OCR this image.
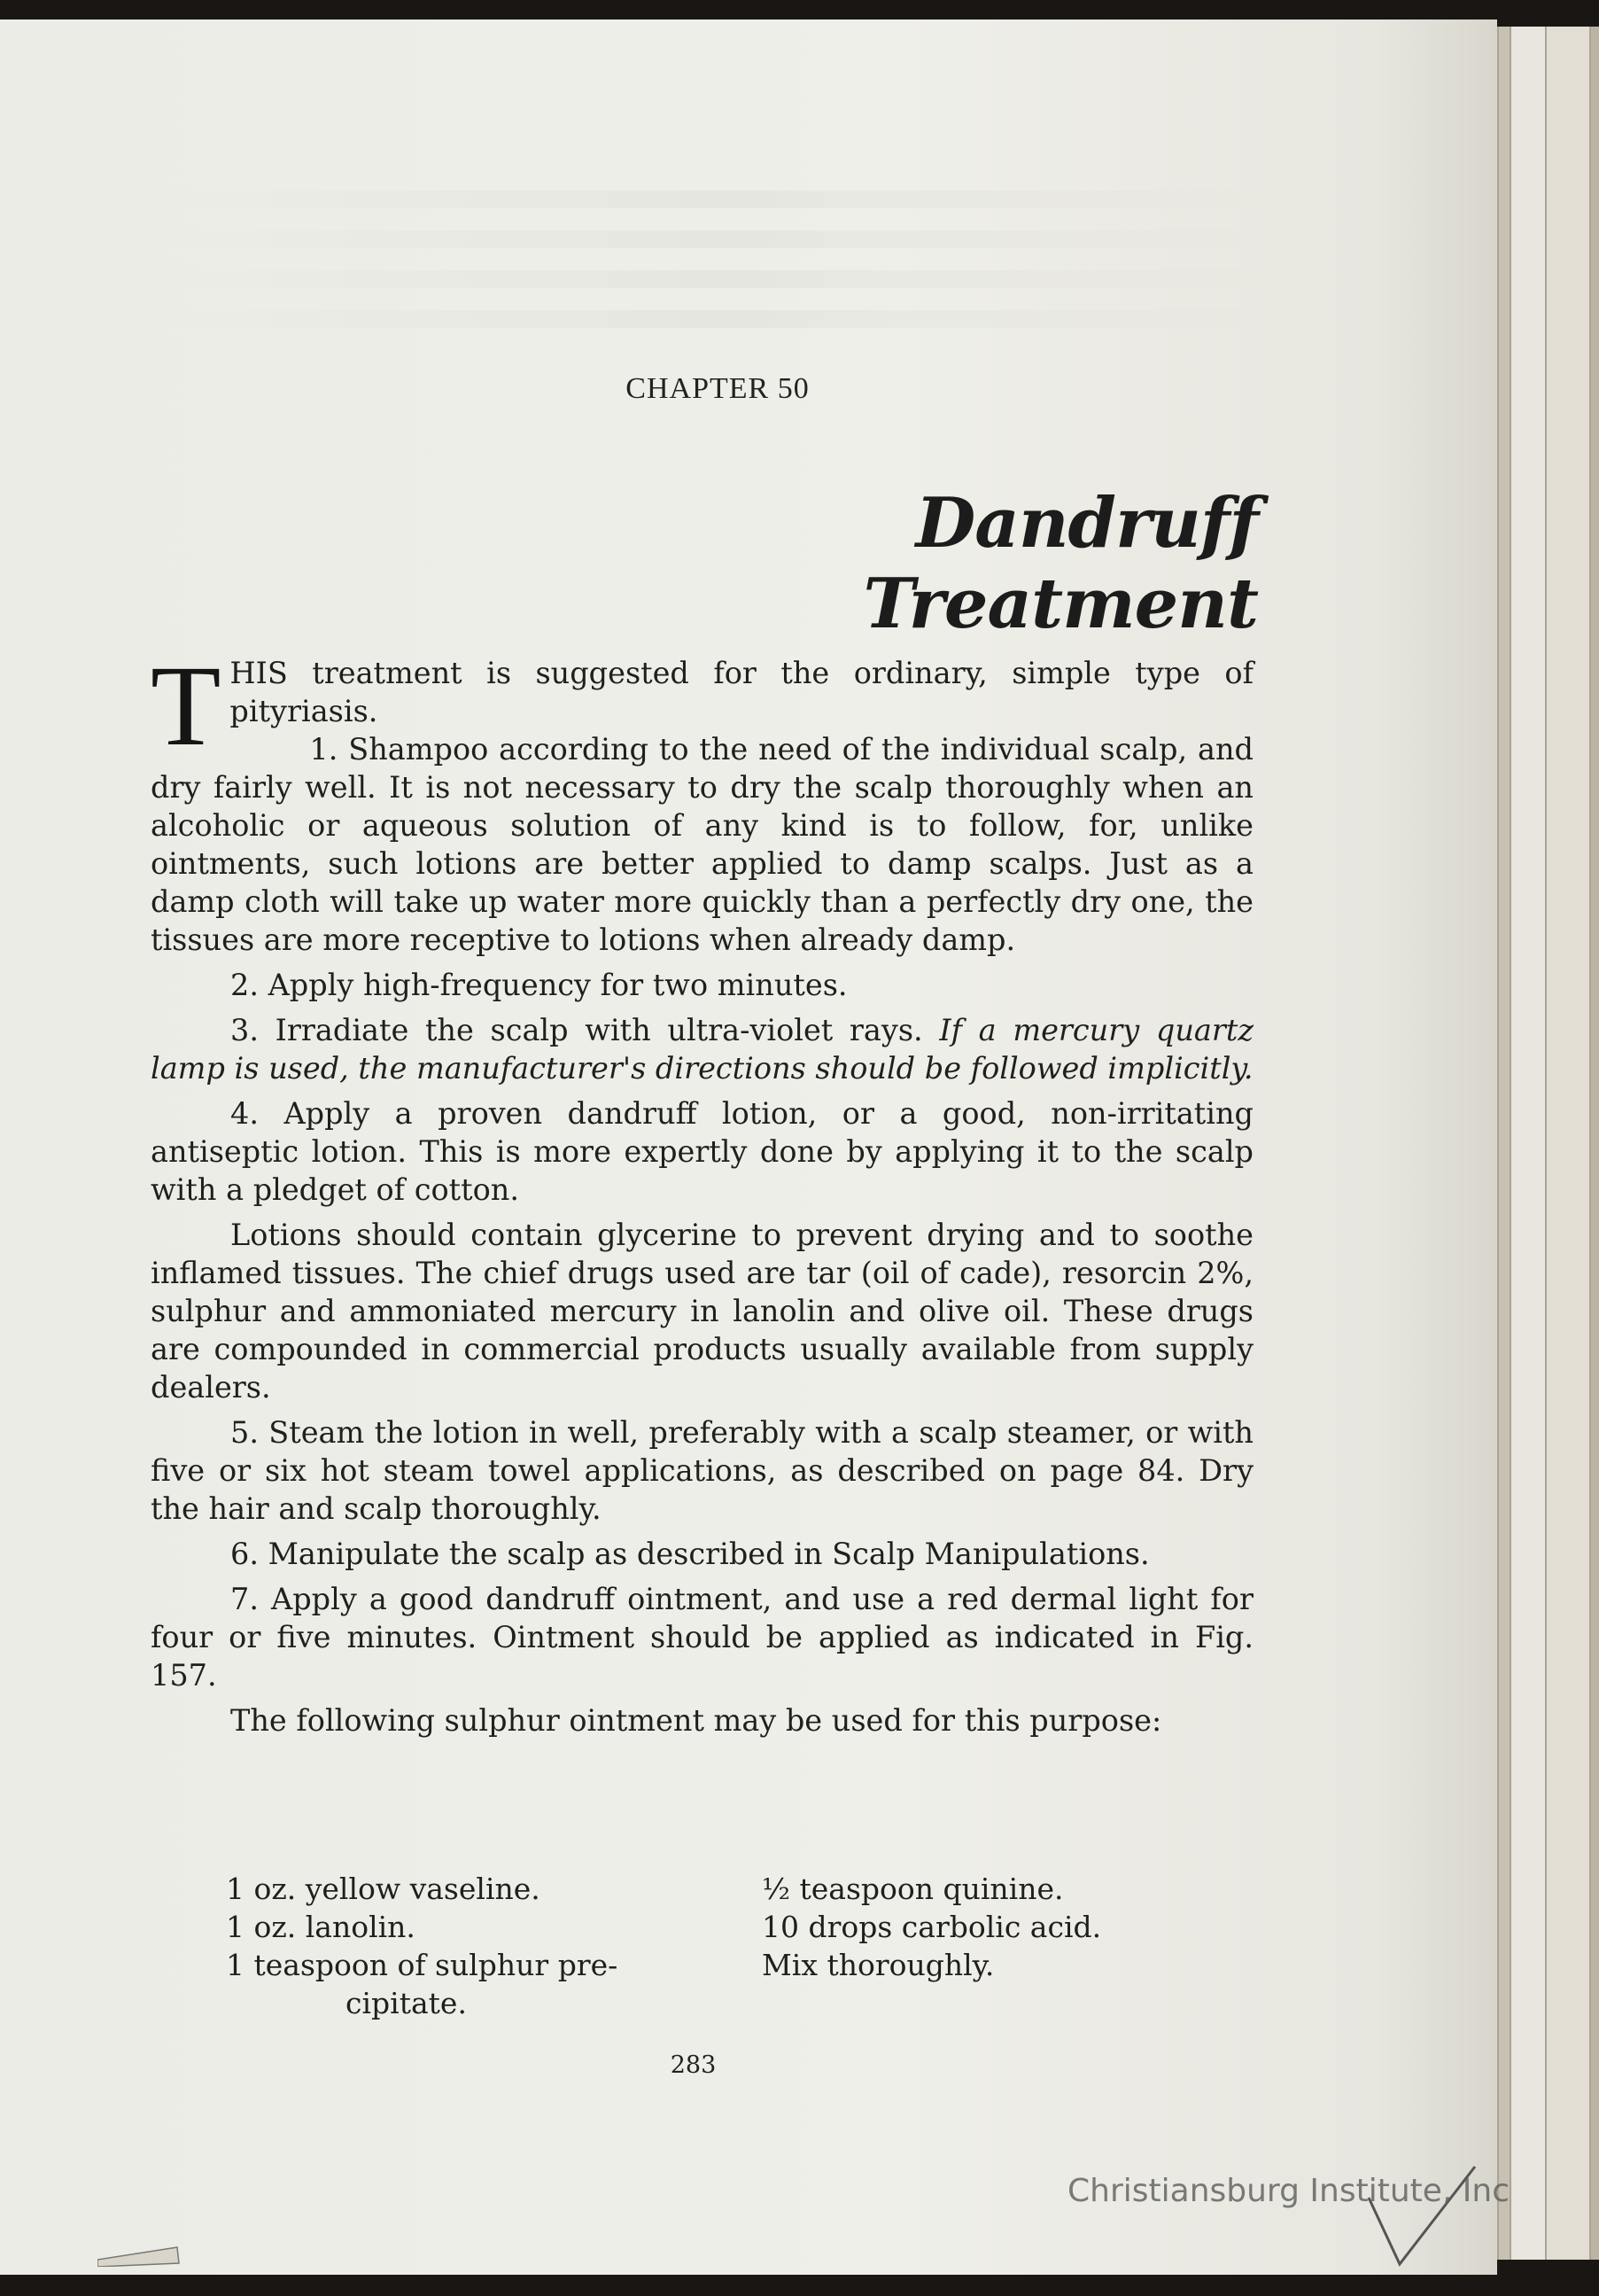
CHAPTER 50
Dandruff Treatment

THIS treatment is suggested for the ordinary, simple type of pityriasis.

1. Shampoo according to the need of the individual scalp, and dry fairly well. It is not necessary to dry the scalp thoroughly when an alcoholic or aqueous solution of any kind is to follow, for, unlike ointments, such lotions are better applied to damp scalps. Just as a damp cloth will take up water more quickly than a perfectly dry one, the tissues are more receptive to lotions when already damp.

2. Apply high-frequency for two minutes.

3. Irradiate the scalp with ultra-violet rays. If a mercury quartz lamp is used, the manufacturer's directions should be followed implicitly.

4. Apply a proven dandruff lotion, or a good, non-irritating antiseptic lotion. This is more expertly done by applying it to the scalp with a pledget of cotton.

Lotions should contain glycerine to prevent drying and to soothe inflamed tissues. The chief drugs used are tar (oil of cade), resorcin 2%, sulphur and ammoniated mercury in lanolin and olive oil. These drugs are compounded in commercial products usually available from supply dealers.

5. Steam the lotion in well, preferably with a scalp steamer, or with five or six hot steam towel applications, as described on page 84. Dry the hair and scalp thoroughly.

6. Manipulate the scalp as described in Scalp Manipulations.

7. Apply a good dandruff ointment, and use a red dermal light for four or five minutes. Ointment should be applied as indicated in Fig. 157.

The following sulphur ointment may be used for this purpose:

1 oz. yellow vaseline.
1 oz. lanolin.
1 teaspoon of sulphur pre-
cipitate.
½ teaspoon quinine.
10 drops carbolic acid.
Mix thoroughly.
283
Christiansburg Institute, Inc
